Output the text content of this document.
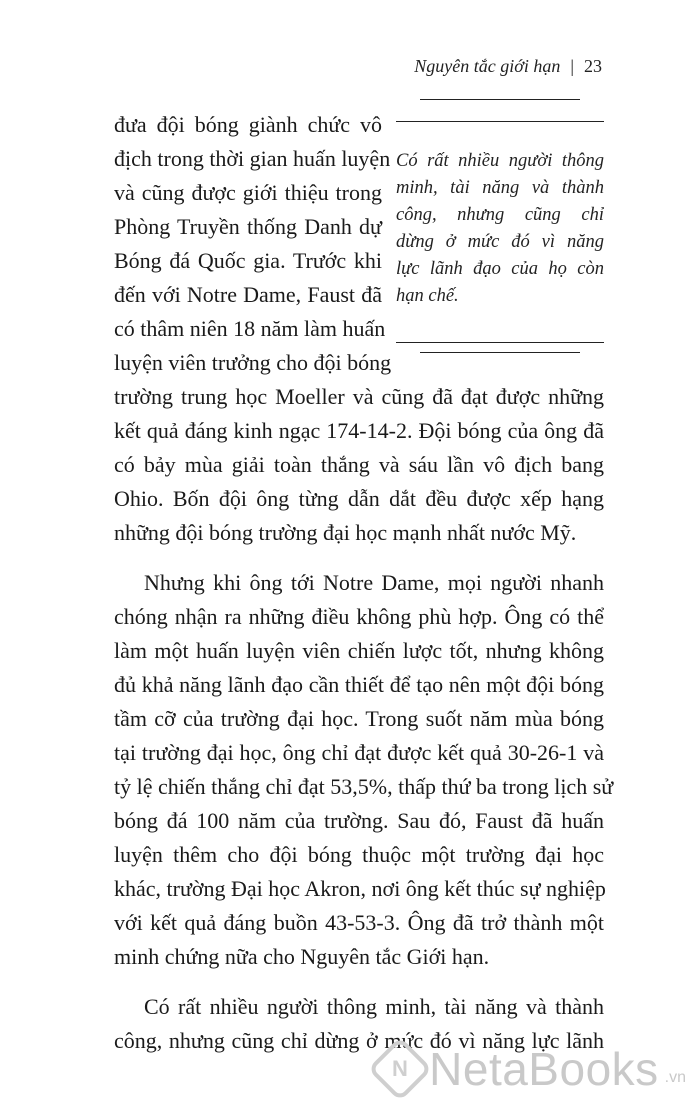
Nguyên tắc giới hạn | 23
Có rất nhiều người thông
minh, tài năng và thành
công, nhưng cũng chỉ
dừng ở mức đó vì năng
lực lãnh đạo của họ còn
hạn chế.
đưa đội bóng giành chức vô
địch trong thời gian huấn luyện
và cũng được giới thiệu trong
Phòng Truyền thống Danh dự
Bóng đá Quốc gia. Trước khi
đến với Notre Dame, Faust đã
có thâm niên 18 năm làm huấn
luyện viên trưởng cho đội bóng
trường trung học Moeller và cũng đã đạt được những
kết quả đáng kinh ngạc 174-14-2. Đội bóng của ông đã
có bảy mùa giải toàn thắng và sáu lần vô địch bang
Ohio. Bốn đội ông từng dẫn dắt đều được xếp hạng
những đội bóng trường đại học mạnh nhất nước Mỹ.
Nhưng khi ông tới Notre Dame, mọi người nhanh
chóng nhận ra những điều không phù hợp. Ông có thể
làm một huấn luyện viên chiến lược tốt, nhưng không
đủ khả năng lãnh đạo cần thiết để tạo nên một đội bóng
tầm cỡ của trường đại học. Trong suốt năm mùa bóng
tại trường đại học, ông chỉ đạt được kết quả 30-26-1 và
tỷ lệ chiến thắng chỉ đạt 53,5%, thấp thứ ba trong lịch sử
bóng đá 100 năm của trường. Sau đó, Faust đã huấn
luyện thêm cho đội bóng thuộc một trường đại học
khác, trường Đại học Akron, nơi ông kết thúc sự nghiệp
với kết quả đáng buồn 43-53-3. Ông đã trở thành một
minh chứng nữa cho Nguyên tắc Giới hạn.
Có rất nhiều người thông minh, tài năng và thành
công, nhưng cũng chỉ dừng ở mức đó vì năng lực lãnh
N NetaBooks .vn
